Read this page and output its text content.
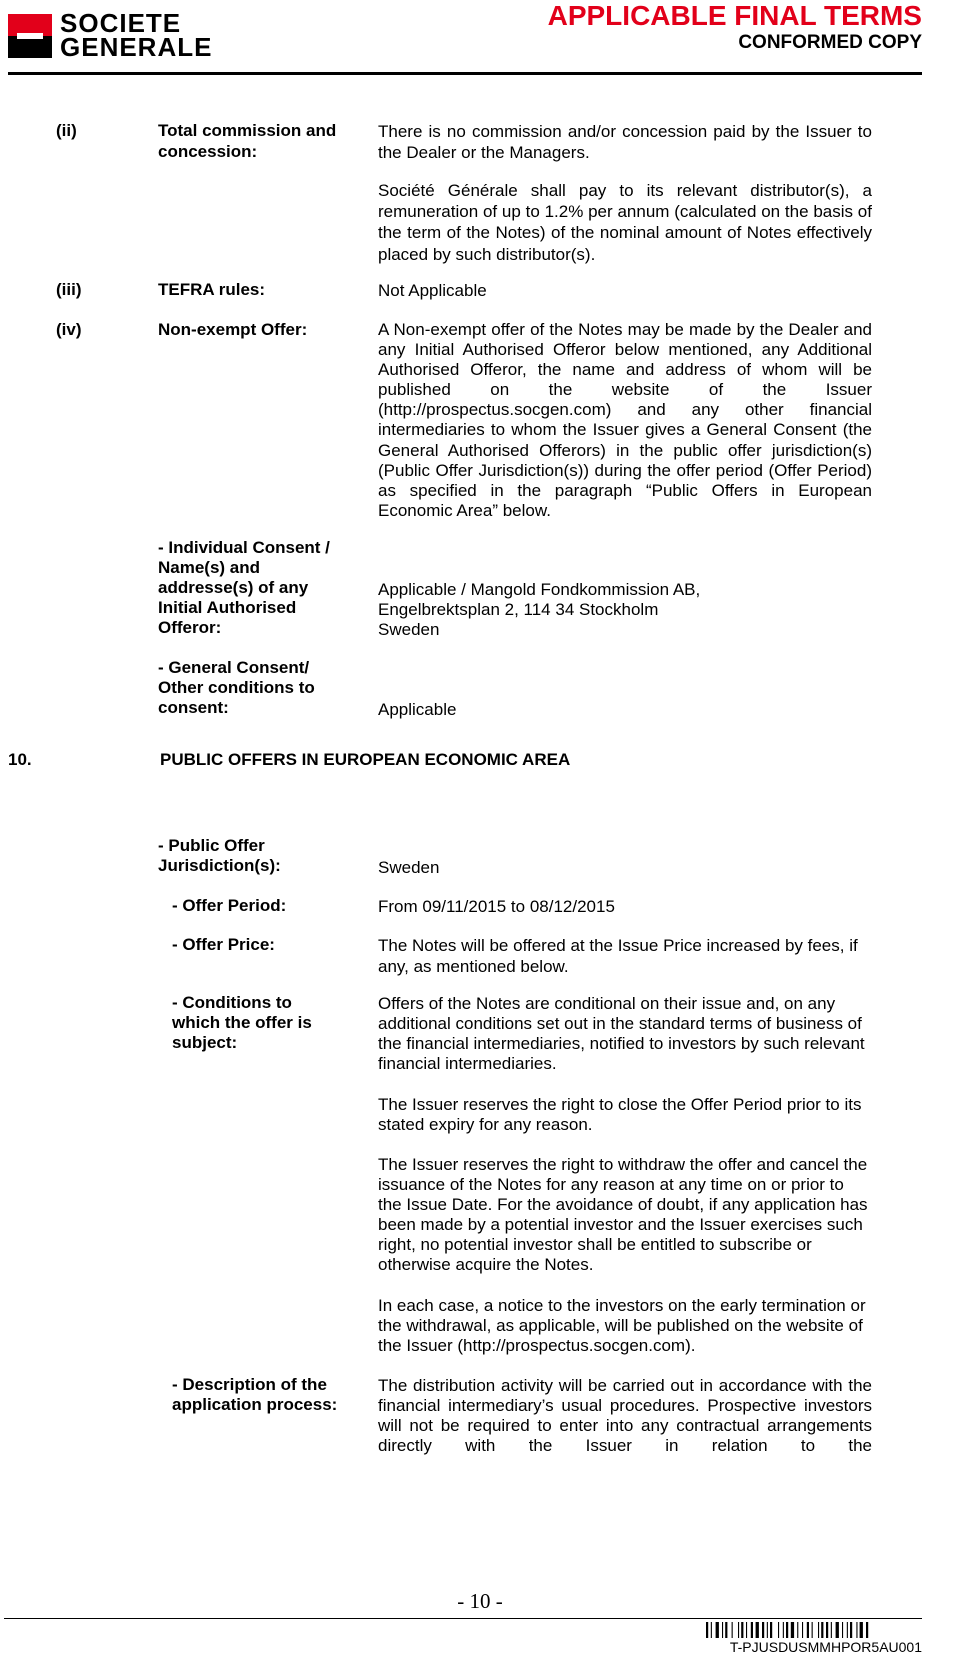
SOCIETE
GENERALE
APPLICABLE FINAL TERMS
CONFORMED COPY
(ii)	Total commission and concession:
There is no commission and/or concession paid by the Issuer to the Dealer or the Managers.
Société Générale shall pay to its relevant distributor(s), a remuneration of up to 1.2% per annum (calculated on the basis of the term of the Notes) of the nominal amount of Notes effectively placed by such distributor(s).
(iii)	TEFRA rules:	Not Applicable
(iv)	Non-exempt Offer:	A Non-exempt offer of the Notes may be made by the Dealer and any Initial Authorised Offeror below mentioned, any Additional Authorised Offeror, the name and address of whom will be published on the website of the Issuer (http://prospectus.socgen.com) and any other financial intermediaries to whom the Issuer gives a General Consent (the General Authorised Offerors) in the public offer jurisdiction(s) (Public Offer Jurisdiction(s)) during the offer period (Offer Period) as specified in the paragraph “Public Offers in European Economic Area” below.
- Individual Consent / Name(s) and addresse(s) of any Initial Authorised Offeror:
Applicable / Mangold Fondkommission AB,
Engelbrektsplan 2, 114 34 Stockholm
Sweden
- General Consent/ Other conditions to consent:	Applicable
10.	PUBLIC OFFERS IN EUROPEAN ECONOMIC AREA
- Public Offer Jurisdiction(s):	Sweden
- Offer Period:	From 09/11/2015 to 08/12/2015
- Offer Price:	The Notes will be offered at the Issue Price increased by fees, if any, as mentioned below.
- Conditions to which the offer is subject:
Offers of the Notes are conditional on their issue and, on any additional conditions set out in the standard terms of business of the financial intermediaries, notified to investors by such relevant financial intermediaries.
The Issuer reserves the right to close the Offer Period prior to its stated expiry for any reason.
The Issuer reserves the right to withdraw the offer and cancel the issuance of the Notes for any reason at any time on or prior to the Issue Date. For the avoidance of doubt, if any application has been made by a potential investor and the Issuer exercises such right, no potential investor shall be entitled to subscribe or otherwise acquire the Notes.
In each case, a notice to the investors on the early termination or the withdrawal, as applicable, will be published on the website of the Issuer (http://prospectus.socgen.com).
- Description of the application process:
The distribution activity will be carried out in accordance with the financial intermediary’s usual procedures. Prospective investors will not be required to enter into any contractual arrangements directly with the Issuer in relation to the
- 10 -
T-PJUSDUSMMHPOR5AU001
